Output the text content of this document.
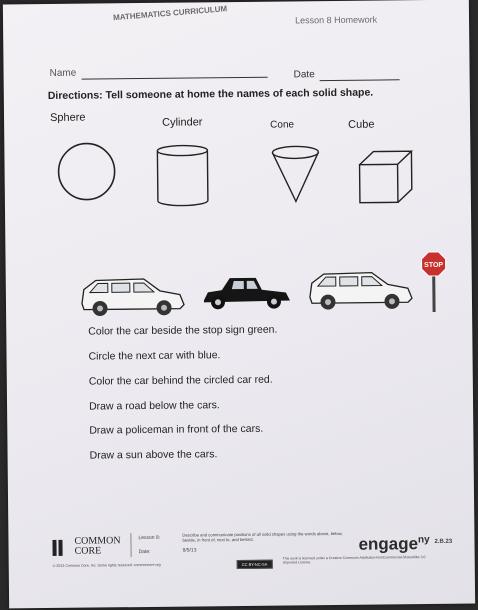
MATHEMATICS CURRICULUM	Lesson 8 Homework
Name	Date
Directions: Tell someone at home the names of each solid shape.
Sphere	Cylinder	Cone	Cube
STOP
Color the car beside the stop sign green.
Circle the next car with blue.
Color the car behind the circled car red.
Draw a road below the cars.
Draw a policeman in front of the cars.
Draw a sun above the cars.
COMMON
CORE
Lesson 8:
Date:
Describe and communicate positions of all solid shapes using the words above, below, beside, in front of, next to, and behind.
8/5/13	engage$^{ny}$ 2.B.23
© 2013 Common Core, Inc. Some rights reserved. commoncore.org	CC BY-NC-SA
This work is licensed under a Creative Commons Attribution-NonCommercial-ShareAlike 3.0 Unported License.
